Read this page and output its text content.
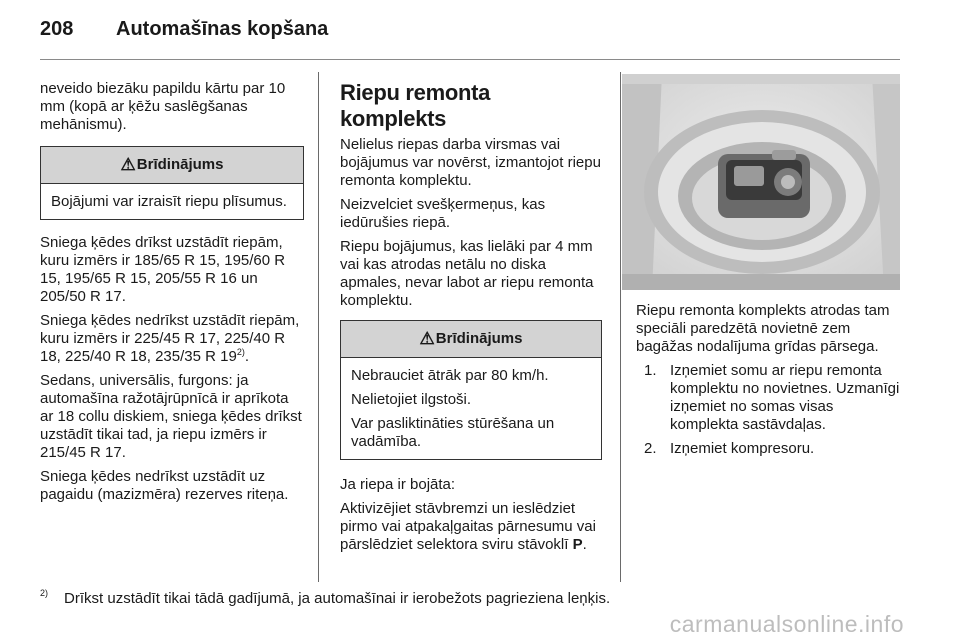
208 Automašīnas kopšana

neveido biezāku papildu kārtu par 10 mm (kopā ar ķēžu saslēgšanas mehānismu).

⚠ Brīdinājums

Bojājumi var izraisīt riepu plīsumus.

Sniega ķēdes drīkst uzstādīt riepām, kuru izmērs ir 185/65 R 15, 195/60 R 15, 195/65 R 15, 205/55 R 16 un 205/50 R 17.

Sniega ķēdes nedrīkst uzstādīt riepām, kuru izmērs ir 225/45 R 17, 225/40 R 18, 225/40 R 18, 235/35 R 19$^{2)}$.

Sedans, universālis, furgons: ja automašīna ražotājrūpnīcā ir aprīkota ar 18 collu diskiem, sniega ķēdes drīkst uzstādīt tikai tad, ja riepu izmērs ir 215/45 R 17.

Sniega ķēdes nedrīkst uzstādīt uz pagaidu (mazizmēra) rezerves riteņa.

Riepu remonta komplekts

Nelielus riepas darba virsmas vai bojājumus var novērst, izmantojot riepu remonta komplektu.

Neizvelciet svešķermeņus, kas iedūrušies riepā.

Riepu bojājumus, kas lielāki par 4 mm vai kas atrodas netālu no diska apmales, nevar labot ar riepu remonta komplektu.

⚠ Brīdinājums

Nebrauciet ātrāk par 80 km/h.

Nelietojiet ilgstoši.

Var pasliktināties stūrēšana un vadāmība.

Ja riepa ir bojāta:

Aktivizējiet stāvbremzi un ieslēdziet pirmo vai atpakaļgaitas pārnesumu vai pārslēdziet selektora sviru stāvoklī P.

Riepu remonta komplekts atrodas tam speciāli paredzētā novietnē zem bagāžas nodalījuma grīdas pārsega.

1. Izņemiet somu ar riepu remonta komplektu no novietnes. Uzmanīgi izņemiet no somas visas komplekta sastāvdaļas.
2. Izņemiet kompresoru.
$^{2)}$ Drīkst uzstādīt tikai tādā gadījumā, ja automašīnai ir ierobežots pagrieziena leņķis.
carmanualsonline.info
